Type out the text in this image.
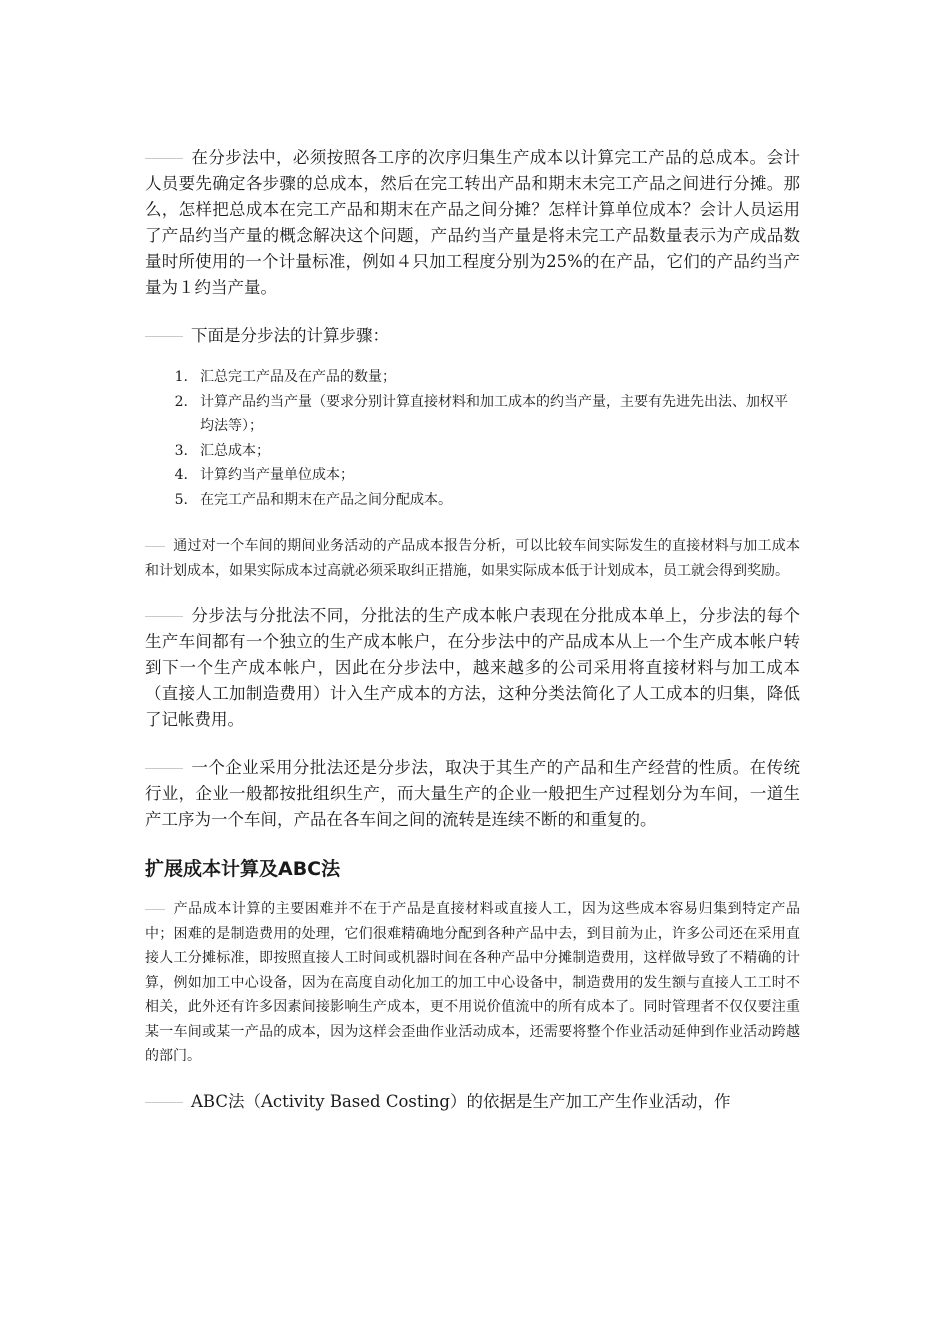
在分步法中，必须按照各工序的次序归集生产成本以计算完工产品的总成本。会计人员要先确定各步骤的总成本，然后在完工转出产品和期末未完工产品之间进行分摊。那么，怎样把总成本在完工产品和期末在产品之间分摊？怎样计算单位成本？会计人员运用了产品约当产量的概念解决这个问题，产品约当产量是将未完工产品数量表示为产成品数量时所使用的一个计量标准，例如４只加工程度分别为25%的在产品，它们的产品约当产量为１约当产量。

下面是分步法的计算步骤：

1. 汇总完工产品及在产品的数量；
2. 计算产品约当产量（要求分别计算直接材料和加工成本的约当产量，主要有先进先出法、加权平均法等）；
3. 汇总成本；
4. 计算约当产量单位成本；
5. 在完工产品和期末在产品之间分配成本。

通过对一个车间的期间业务活动的产品成本报告分析，可以比较车间实际发生的直接材料与加工成本和计划成本，如果实际成本过高就必须采取纠正措施，如果实际成本低于计划成本，员工就会得到奖励。

分步法与分批法不同，分批法的生产成本帐户表现在分批成本单上，分步法的每个生产车间都有一个独立的生产成本帐户，在分步法中的产品成本从上一个生产成本帐户转到下一个生产成本帐户，因此在分步法中，越来越多的公司采用将直接材料与加工成本（直接人工加制造费用）计入生产成本的方法，这种分类法简化了人工成本的归集，降低了记帐费用。

一个企业采用分批法还是分步法，取决于其生产的产品和生产经营的性质。在传统行业，企业一般都按批组织生产，而大量生产的企业一般把生产过程划分为车间，一道生产工序为一个车间，产品在各车间之间的流转是连续不断的和重复的。

扩展成本计算及ABC法

产品成本计算的主要困难并不在于产品是直接材料或直接人工，因为这些成本容易归集到特定产品中；困难的是制造费用的处理，它们很难精确地分配到各种产品中去，到目前为止，许多公司还在采用直接人工分摊标准，即按照直接人工时间或机器时间在各种产品中分摊制造费用，这样做导致了不精确的计算，例如加工中心设备，因为在高度自动化加工的加工中心设备中，制造费用的发生额与直接人工工时不相关，此外还有许多因素间接影响生产成本，更不用说价值流中的所有成本了。同时管理者不仅仅要注重某一车间或某一产品的成本，因为这样会歪曲作业活动成本，还需要将整个作业活动延伸到作业活动跨越的部门。

ABC法（Activity Based Costing）的依据是生产加工产生作业活动，作
